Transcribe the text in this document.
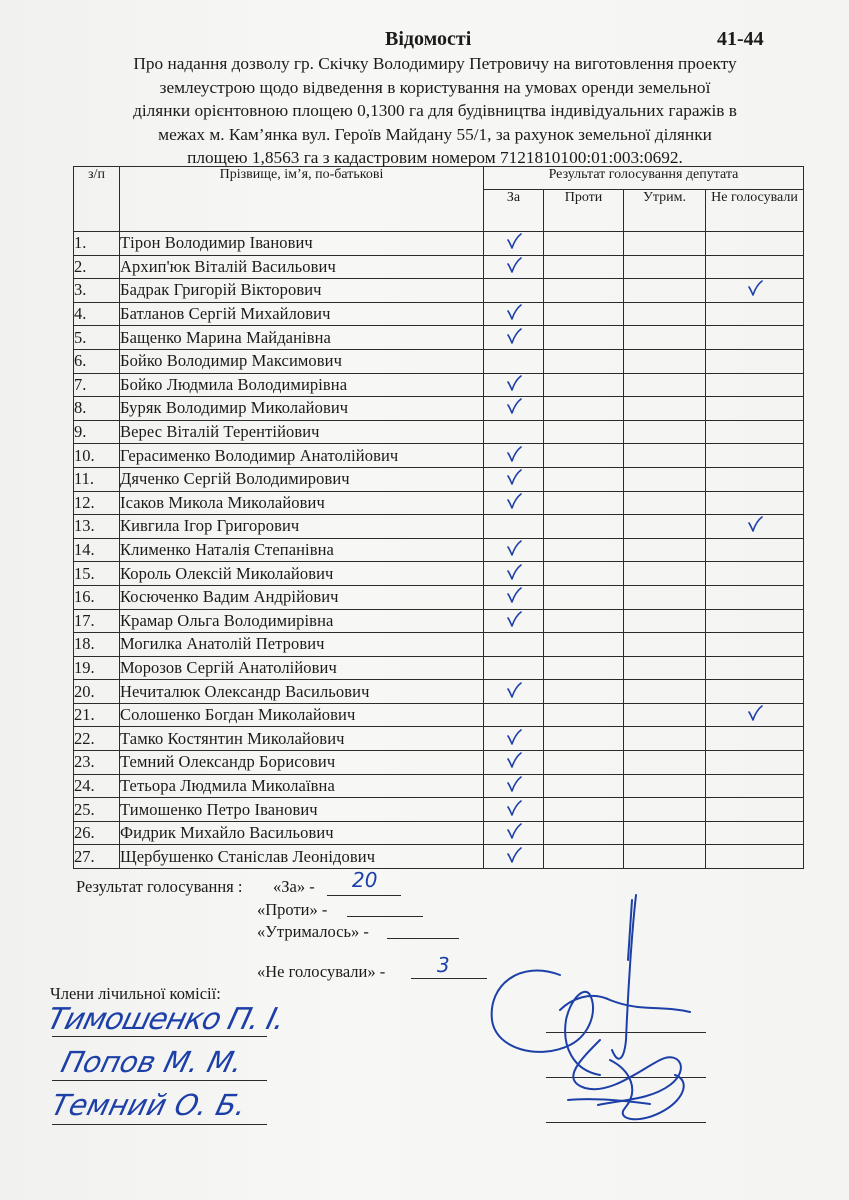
Відомості	41-44
Про надання дозволу гр. Скічку Володимиру Петровичу на виготовлення проекту
землеустрою щодо відведення в користування на умовах оренди земельної
ділянки орієнтовною площею 0,1300 га для будівництва індивідуальних гаражів в
межах м. Кам’янка вул. Героїв Майдану 55/1, за рахунок земельної ділянки
площею 1,8563 га з кадастровим номером 7121810100:01:003:0692.
з/п	Прізвище, ім’я, по-батькові	Результат голосування депутата			
		За	Проти	Утрим.	Не голосували
1.	Тірон Володимир Іванович	

2.	Архип'юк Віталій Васильович	

3.	Бадрак Григорій Вікторович				

4.	Батланов Сергій Михайлович	

5.	Бащенко Марина Майданівна	

6.	Бойко Володимир Максимович				
7.	Бойко Людмила Володимирівна	

8.	Буряк Володимир Миколайович	

9.	Верес Віталій Терентійович				
10.	Герасименко Володимир Анатолійович	

11.	Дяченко Сергій Володимирович	

12.	Ісаков Микола Миколайович	

13.	Кивгила Ігор Григорович				

14.	Клименко Наталія Степанівна	

15.	Король Олексій Миколайович	

16.	Косюченко Вадим Андрійович	

17.	Крамар Ольга Володимирівна	

18.	Могилка Анатолій Петрович				
19.	Морозов Сергій Анатолійович				
20.	Нечиталюк Олександр Васильович	

21.	Солошенко Богдан Миколайович				

22.	Тамко Костянтин Миколайович	

23.	Темний Олександр Борисович	

24.	Тетьора Людмила Миколаївна	

25.	Тимошенко Петро Іванович	

26.	Фидрик Михайло Васильович	

27.	Щербушенко Станіслав Леонідович	

Результат голосування : «За» - 20
«Проти» -
«Утрималось» -
«Не голосували» -	3
Члени лічильної комісії:
Тимошенко П. І.
Попов М. М.
Темний О. Б.
